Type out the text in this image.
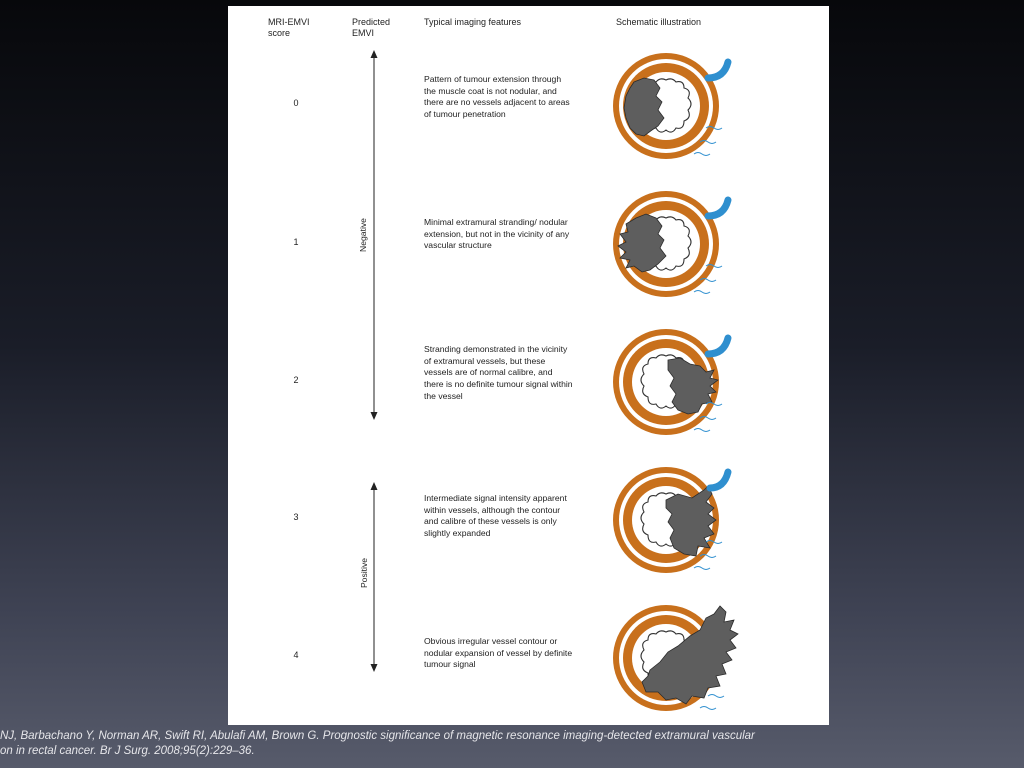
MRI-EMVI
score
Predicted
EMVI
Typical imaging features	Schematic illustration
Negative
Positive
0
Pattern of tumour extension through the muscle coat is not nodular, and there are no vessels adjacent to areas of tumour penetration
1
Minimal extramural stranding/ nodular extension, but not in the vicinity of any vascular structure
2
Stranding demonstrated in the vicinity of extramural vessels, but these vessels are of normal calibre, and there is no definite tumour signal within the vessel
3
Intermediate signal intensity apparent within vessels, although the contour and calibre of these vessels is only slightly expanded
4
Obvious irregular vessel contour or nodular expansion of vessel by definite tumour signal
NJ, Barbachano Y, Norman AR, Swift RI, Abulafi AM, Brown G. Prognostic significance of magnetic resonance imaging-detected extramural vascular
on in rectal cancer. Br J Surg. 2008;95(2):229–36.
